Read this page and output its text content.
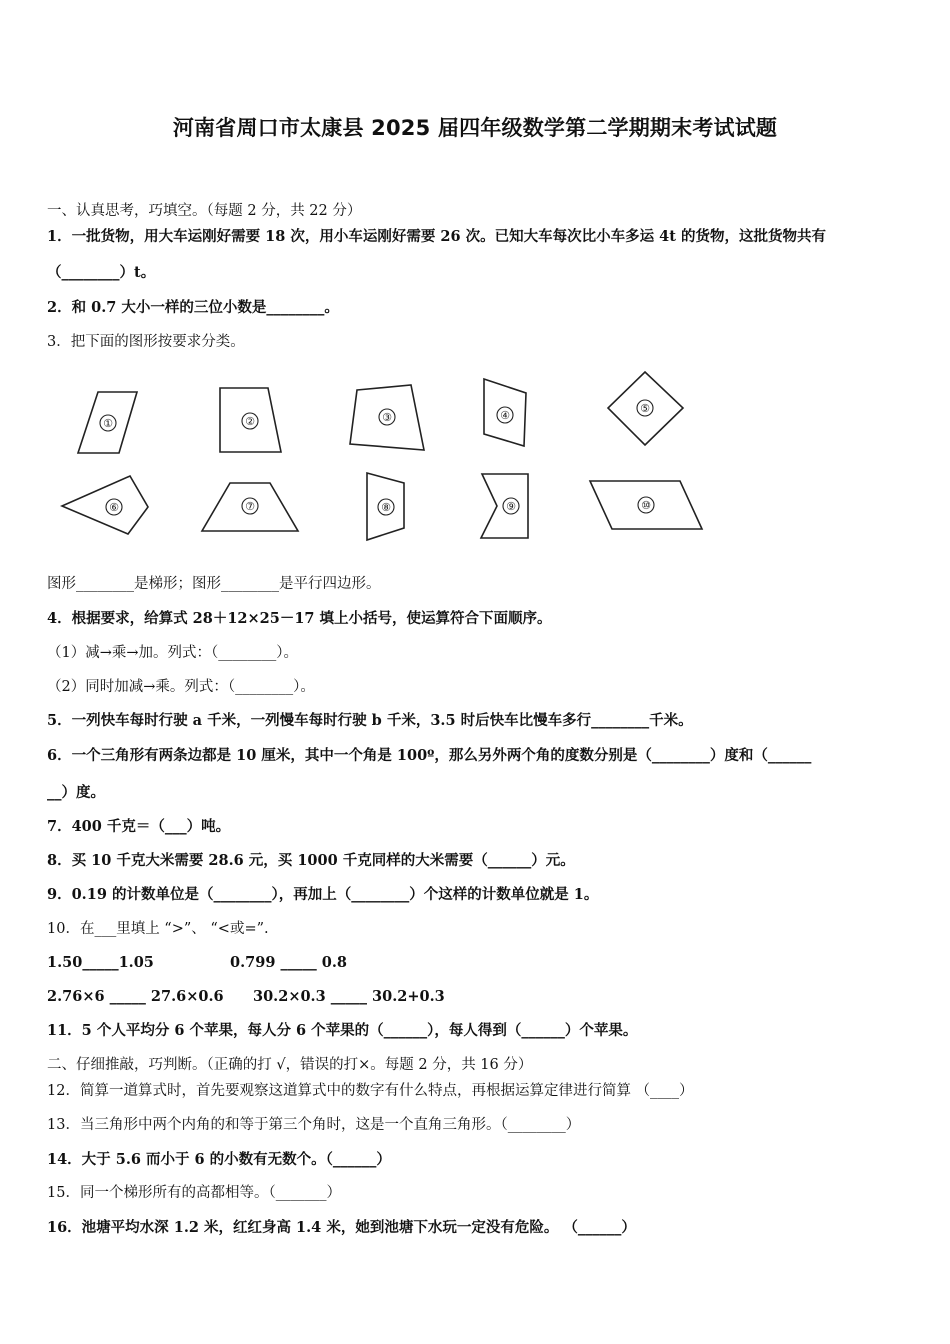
河南省周口市太康县 2025 届四年级数学第二学期期末考试试题
一、认真思考，巧填空。（每题 2 分，共 22 分）
1．一批货物，用大车运刚好需要 18 次，用小车运刚好需要 26 次。已知大车每次比小车多运 4t 的货物，这批货物共有
（________）t。
2．和 0.7 大小一样的三位小数是________。
3．把下面的图形按要求分类。
①	②	③	④
⑤
⑥	⑦	⑧	⑨	⑩
图形________是梯形；图形________是平行四边形。
4．根据要求，给算式 28＋12×25－17 填上小括号，使运算符合下面顺序。
（1）减→乘→加。列式：（________）。
（2）同时加减→乘。列式：（________）。
5．一列快车每时行驶 a 千米，一列慢车每时行驶 b 千米，3.5 时后快车比慢车多行________千米。
6．一个三角形有两条边都是 10 厘米，其中一个角是 100º，那么另外两个角的度数分别是（________）度和（______
__）度。
7．400 千克＝（___）吨。
8．买 10 千克大米需要 28.6 元，买 1000 千克同样的大米需要（______）元。
9．0.19 的计数单位是（________），再加上（________）个这样的计数单位就是 1。
10．在___里填上 “>”、 “<或=”.
1.50_____1.05	0.799 _____ 0.8
2.76×6 _____ 27.6×0.6 30.2×0.3 _____ 30.2+0.3
11．5 个人平均分 6 个苹果，每人分 6 个苹果的（______），每人得到（______）个苹果。
二、仔细推敲，巧判断。（正确的打 √，错误的打×。每题 2 分，共 16 分）
12．简算一道算式时，首先要观察这道算式中的数字有什么特点，再根据运算定律进行简算 （____）
13．当三角形中两个内角的和等于第三个角时，这是一个直角三角形。（________）
14．大于 5.6 而小于 6 的小数有无数个。（______）
15．同一个梯形所有的高都相等。（_______）
16．池塘平均水深 1.2 米，红红身高 1.4 米，她到池塘下水玩一定没有危险。 （______）
